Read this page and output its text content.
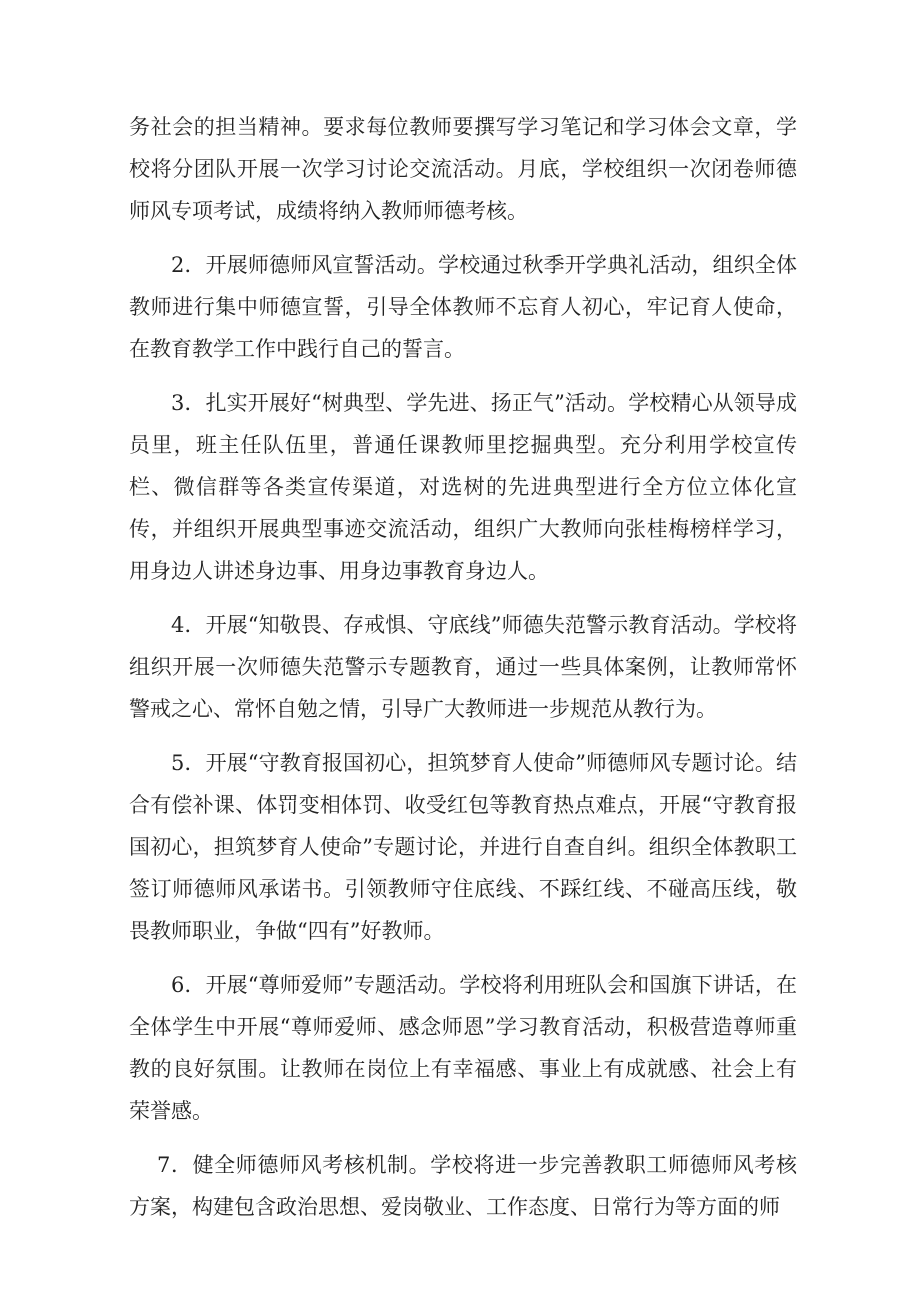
务社会的担当精神。要求每位教师要撰写学习笔记和学习体会文章，学校将分团队开展一次学习讨论交流活动。月底，学校组织一次闭卷师德师风专项考试，成绩将纳入教师师德考核。

2．开展师德师风宣誓活动。学校通过秋季开学典礼活动，组织全体教师进行集中师德宣誓，引导全体教师不忘育人初心，牢记育人使命，在教育教学工作中践行自己的誓言。

3．扎实开展好“树典型、学先进、扬正气”活动。学校精心从领导成员里，班主任队伍里，普通任课教师里挖掘典型。充分利用学校宣传栏、微信群等各类宣传渠道，对选树的先进典型进行全方位立体化宣传，并组织开展典型事迹交流活动，组织广大教师向张桂梅榜样学习，用身边人讲述身边事、用身边事教育身边人。

4．开展“知敬畏、存戒惧、守底线”师德失范警示教育活动。学校将组织开展一次师德失范警示专题教育，通过一些具体案例，让教师常怀警戒之心、常怀自勉之情，引导广大教师进一步规范从教行为。

5．开展“守教育报国初心，担筑梦育人使命”师德师风专题讨论。结合有偿补课、体罚变相体罚、收受红包等教育热点难点，开展“守教育报国初心，担筑梦育人使命”专题讨论，并进行自查自纠。组织全体教职工签订师德师风承诺书。引领教师守住底线、不踩红线、不碰高压线，敬畏教师职业，争做“四有”好教师。

6．开展“尊师爱师”专题活动。学校将利用班队会和国旗下讲话，在全体学生中开展“尊师爱师、感念师恩”学习教育活动，积极营造尊师重教的良好氛围。让教师在岗位上有幸福感、事业上有成就感、社会上有荣誉感。

7．健全师德师风考核机制。学校将进一步完善教职工师德师风考核方案，构建包含政治思想、爱岗敬业、工作态度、日常行为等方面的师
